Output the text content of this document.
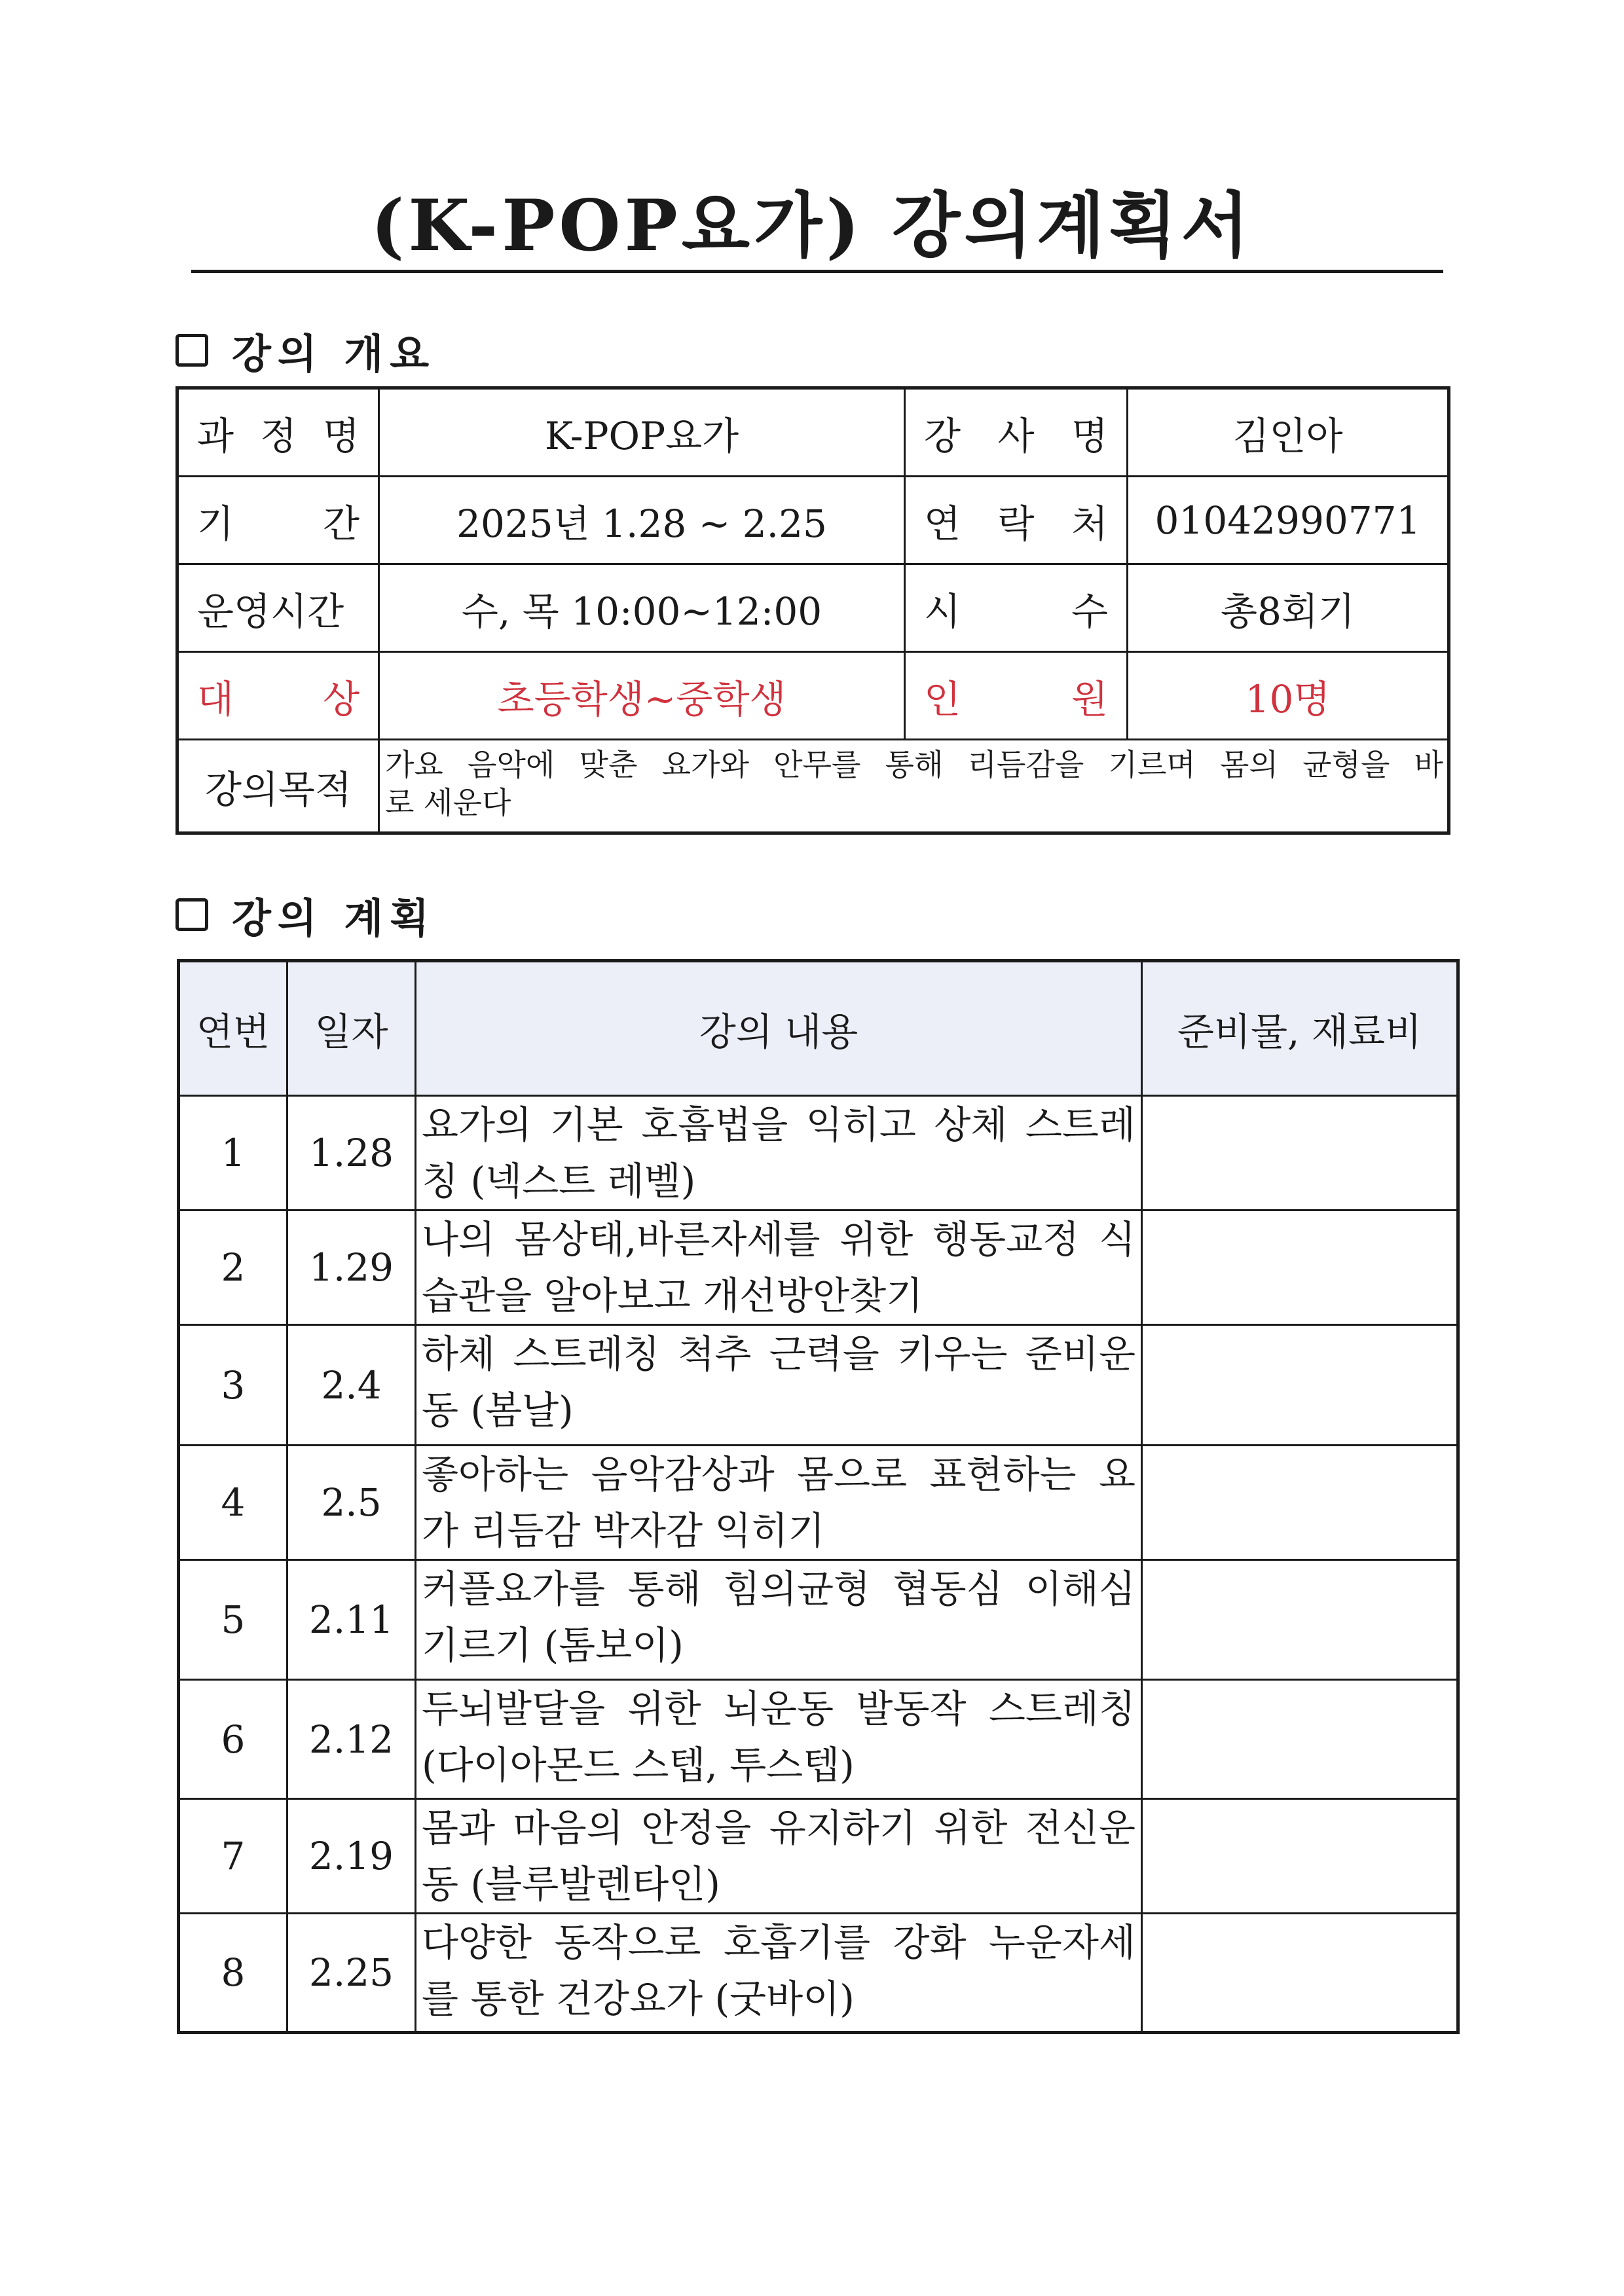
(K-POP요가) 강의계획서
강의 개요
과 정 명	K-POP요가	강 사 명	김인아
기 간	2025년 1.28 ~ 2.25	연 락 처	01042990771
운영시간	수, 목 10:00~12:00	시 수	총8회기
대 상	초등학생~중학생	인 원	10명
강의목적	가요 음악에 맞춘 요가와 안무를 통해 리듬감을 기르며 몸의 균형을 바
로 세운다		
강의 계획
연번	일자	강의 내용	준비물, 재료비
1	1.28	요가의 기본 호흡법을 익히고 상체 스트레
칭 (넥스트 레벨)	

2	1.29	나의 몸상태,바른자세를 위한 행동교정 식
습관을 알아보고 개선방안찾기	

3	2.4	하체 스트레칭 척추 근력을 키우는 준비운
동 (봄날)	

4	2.5	좋아하는 음악감상과 몸으로 표현하는 요
가 리듬감 박자감 익히기	

5	2.11	커플요가를 통해 힘의균형 협동심 이해심
기르기 (톰보이)	

6	2.12	두뇌발달을 위한 뇌운동 발동작 스트레칭
(다이아몬드 스텝, 투스텝)	

7	2.19	몸과 마음의 안정을 유지하기 위한 전신운
동 (블루발렌타인)	

8	2.25	다양한 동작으로 호흡기를 강화 누운자세
를 통한 건강요가 (굿바이)	
